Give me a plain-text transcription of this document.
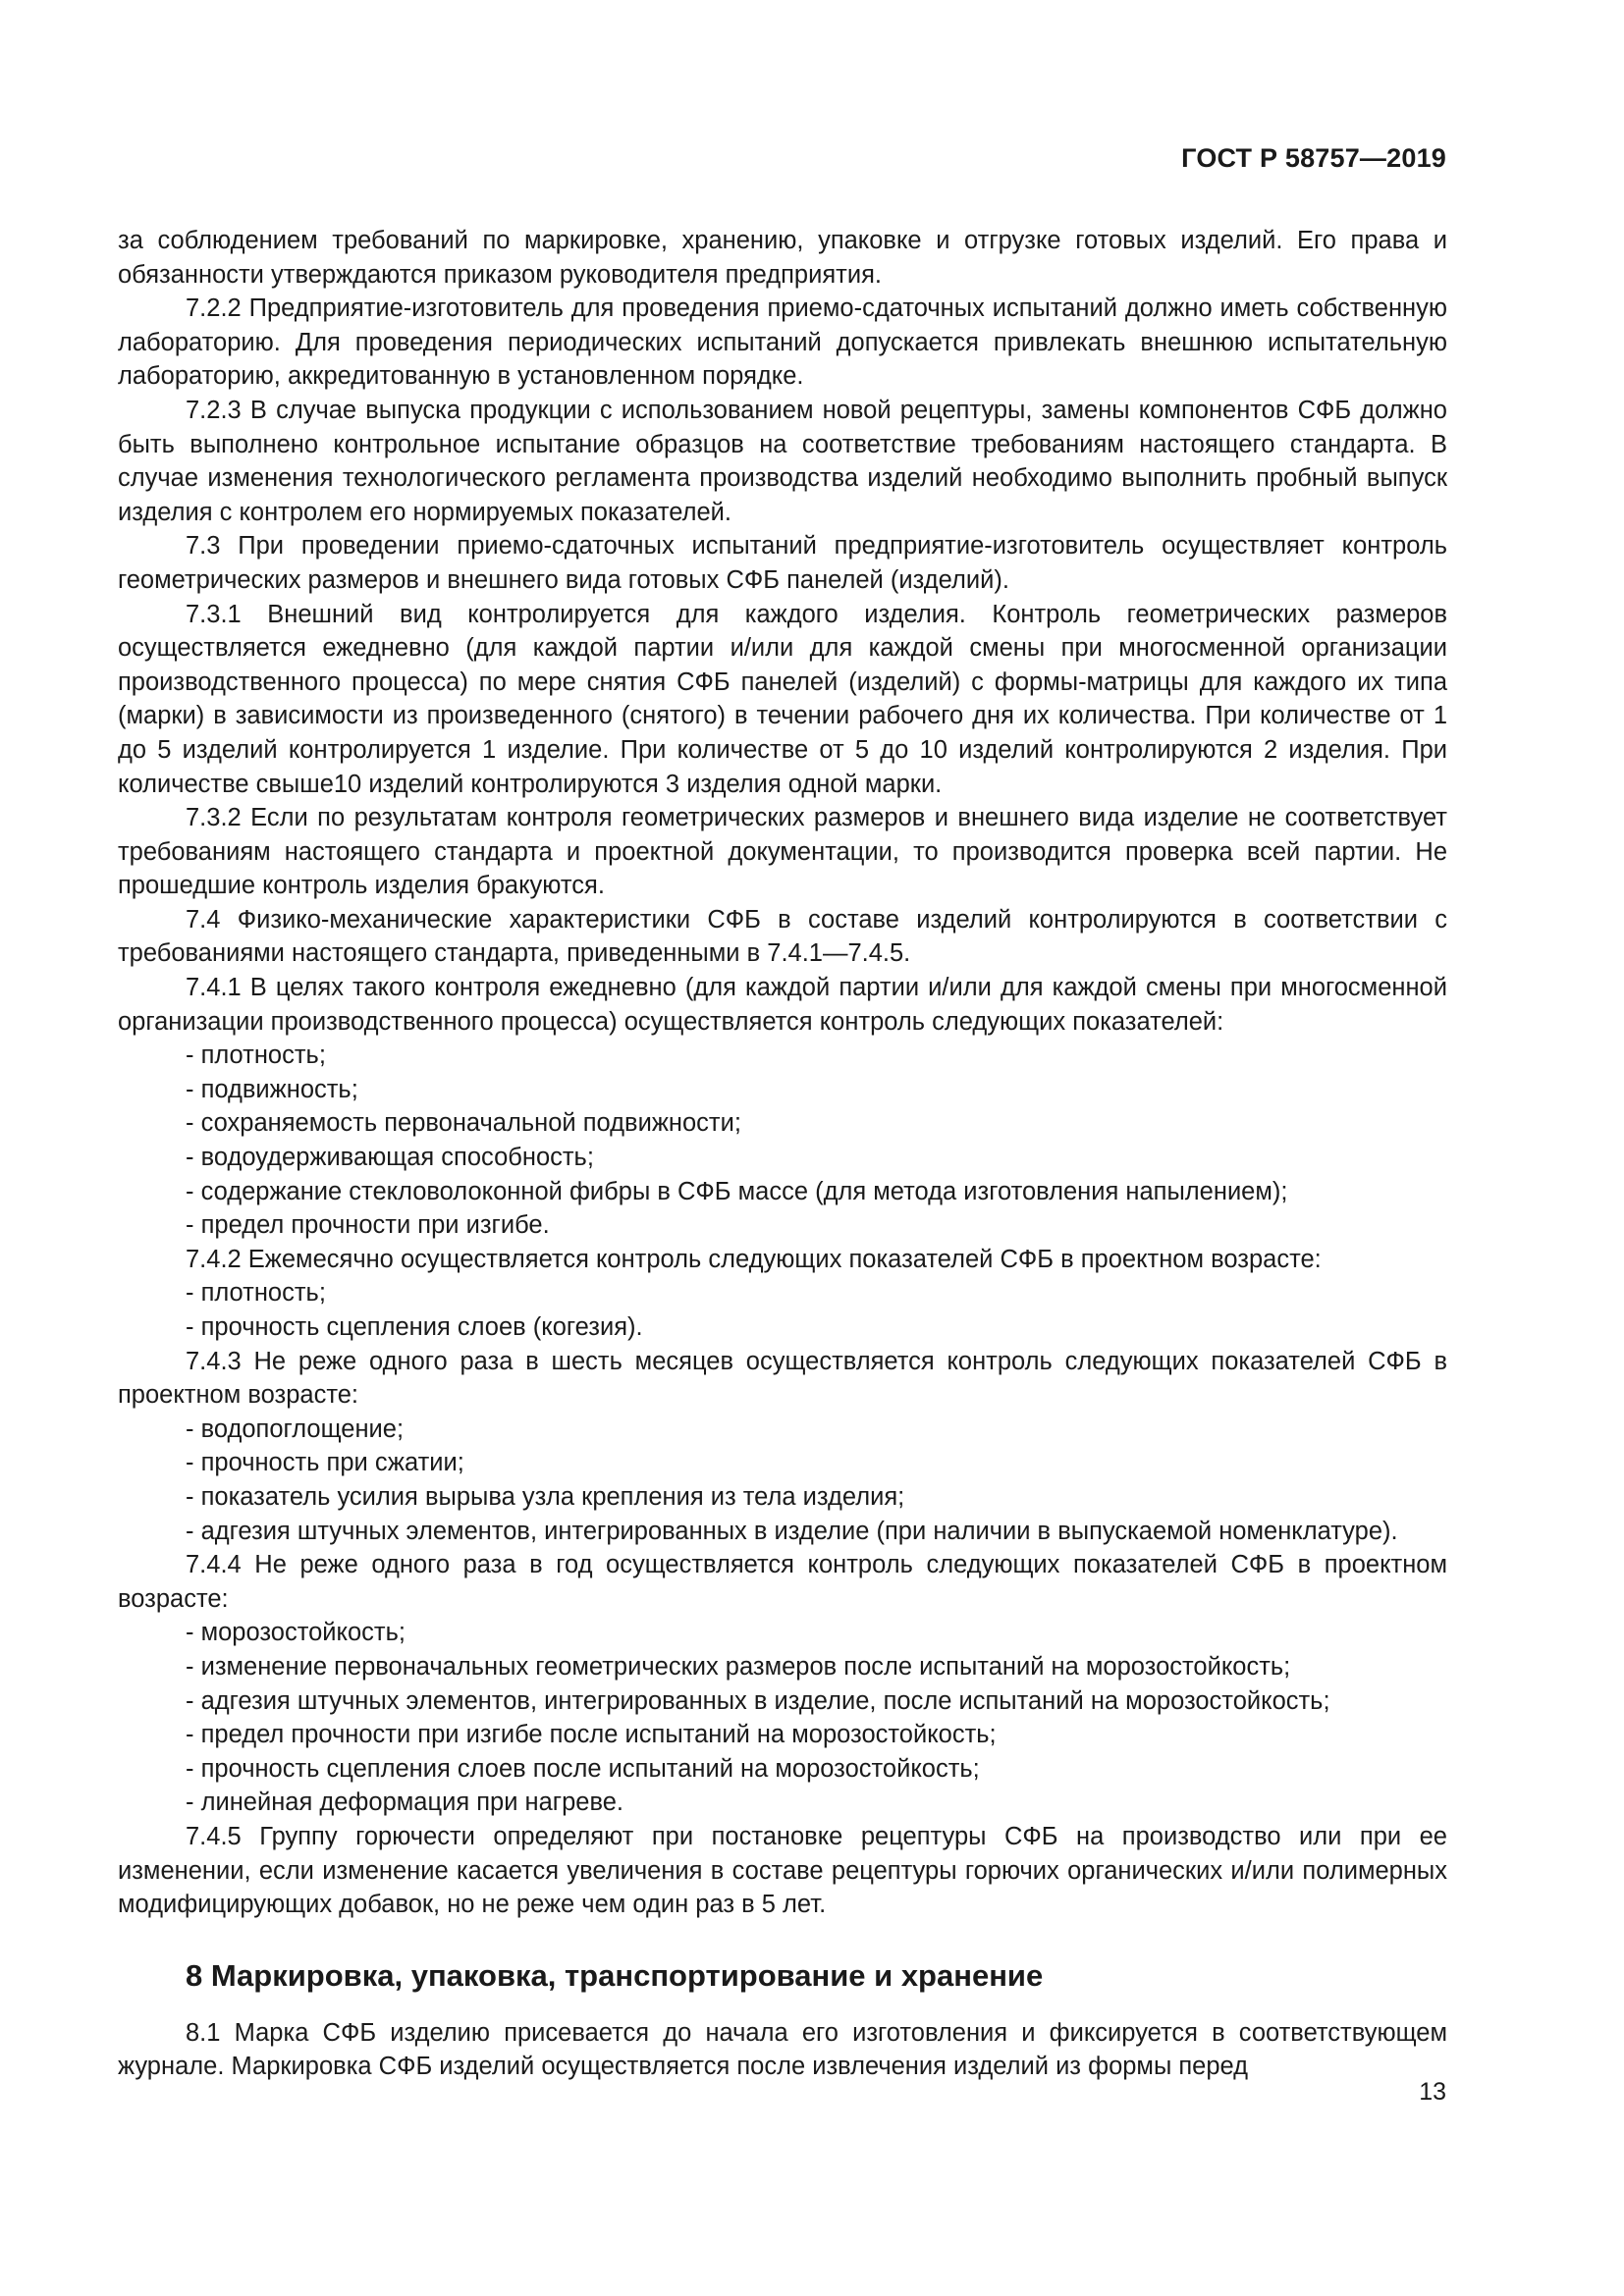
ГОСТ Р 58757—2019

за соблюдением требований по маркировке, хранению, упаковке и отгрузке готовых изделий. Его права и обязанности утверждаются приказом руководителя предприятия.

7.2.2 Предприятие-изготовитель для проведения приемо-сдаточных испытаний должно иметь собственную лабораторию. Для проведения периодических испытаний допускается привлекать внешнюю испытательную лабораторию, аккредитованную в установленном порядке.

7.2.3 В случае выпуска продукции с использованием новой рецептуры, замены компонентов СФБ должно быть выполнено контрольное испытание образцов на соответствие требованиям настоящего стандарта. В случае изменения технологического регламента производства изделий необходимо выполнить пробный выпуск изделия с контролем его нормируемых показателей.

7.3 При проведении приемо-сдаточных испытаний предприятие-изготовитель осуществляет контроль геометрических размеров и внешнего вида готовых СФБ панелей (изделий).

7.3.1 Внешний вид контролируется для каждого изделия. Контроль геометрических размеров осуществляется ежедневно (для каждой партии и/или для каждой смены при многосменной организации производственного процесса) по мере снятия СФБ панелей (изделий) с формы-матрицы для каждого их типа (марки) в зависимости из произведенного (снятого) в течении рабочего дня их количества. При количестве от 1 до 5 изделий контролируется 1 изделие. При количестве от 5 до 10 изделий контролируются 2 изделия. При количестве свыше10 изделий контролируются 3 изделия одной марки.

7.3.2 Если по результатам контроля геометрических размеров и внешнего вида изделие не соответствует требованиям настоящего стандарта и проектной документации, то производится проверка всей партии. Не прошедшие контроль изделия бракуются.

7.4 Физико-механические характеристики СФБ в составе изделий контролируются в соответствии с требованиями настоящего стандарта, приведенными в 7.4.1—7.4.5.

7.4.1 В целях такого контроля ежедневно (для каждой партии и/или для каждой смены при многосменной организации производственного процесса) осуществляется контроль следующих показателей:

- плотность;

- подвижность;

- сохраняемость первоначальной подвижности;

- водоудерживающая способность;

- содержание стекловолоконной фибры в СФБ массе (для метода изготовления напылением);

- предел прочности при изгибе.

7.4.2 Ежемесячно осуществляется контроль следующих показателей СФБ в проектном возрасте:

- плотность;

- прочность сцепления слоев (когезия).

7.4.3 Не реже одного раза в шесть месяцев осуществляется контроль следующих показателей СФБ в проектном возрасте:

- водопоглощение;

- прочность при сжатии;

- показатель усилия вырыва узла крепления из тела изделия;

- адгезия штучных элементов, интегрированных в изделие (при наличии в выпускаемой номенклатуре).

7.4.4 Не реже одного раза в год осуществляется контроль следующих показателей СФБ в проектном возрасте:

- морозостойкость;

- изменение первоначальных геометрических размеров после испытаний на морозостойкость;

- адгезия штучных элементов, интегрированных в изделие, после испытаний на морозостойкость;

- предел прочности при изгибе после испытаний на морозостойкость;

- прочность сцепления слоев после испытаний на морозостойкость;

- линейная деформация при нагреве.

7.4.5 Группу горючести определяют при постановке рецептуры СФБ на производство или при ее изменении, если изменение касается увеличения в составе рецептуры горючих органических и/или полимерных модифицирующих добавок, но не реже чем один раз в 5 лет.

8 Маркировка, упаковка, транспортирование и хранение

8.1 Марка СФБ изделию присевается до начала его изготовления и фиксируется в соответствующем журнале. Маркировка СФБ изделий осуществляется после извлечения изделий из формы перед

13
